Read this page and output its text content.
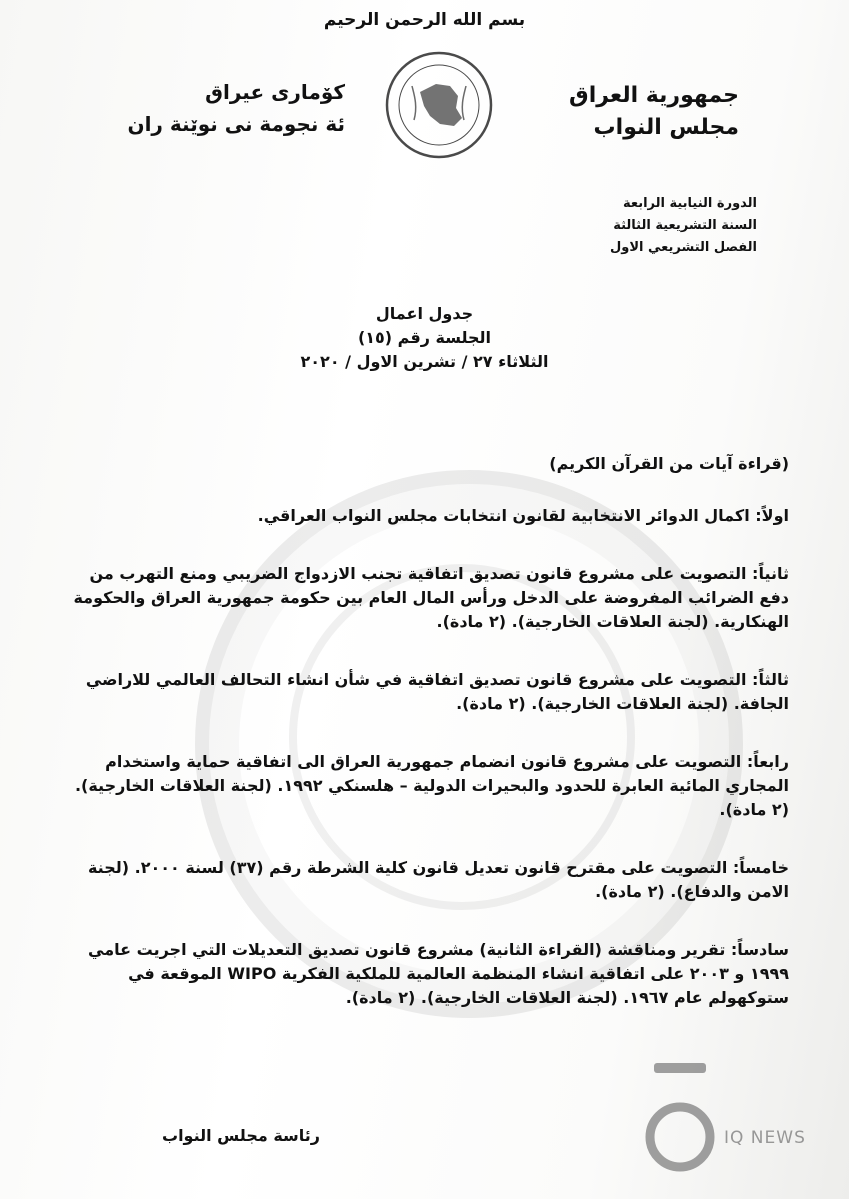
بسم الله الرحمن الرحيم
جمهورية العراق
مجلس النواب
كۆمارى عيراق
ئة نجومة نى نوێنة ران
الدورة النيابية الرابعة
السنة التشريعية الثالثة
الفصل التشريعي الاول
جدول اعمال
الجلسة رقم (١٥)
الثلاثاء ٢٧ / تشرين الاول / ٢٠٢٠

(قراءة آيات من القرآن الكريم)

اولاً: اكمال الدوائر الانتخابية لقانون انتخابات مجلس النواب العراقي.

ثانياً: التصويت على مشروع قانون تصديق اتفاقية تجنب الازدواج الضريبي ومنع التهرب من دفع الضرائب المفروضة على الدخل ورأس المال العام بين حكومة جمهورية العراق والحكومة الهنكارية. (لجنة العلاقات الخارجية). (٢ مادة).

ثالثاً: التصويت على مشروع قانون تصديق اتفاقية في شأن انشاء التحالف العالمي للاراضي الجافة. (لجنة العلاقات الخارجية). (٢ مادة).

رابعاً: التصويت على مشروع قانون انضمام جمهورية العراق الى اتفاقية حماية واستخدام المجاري المائية العابرة للحدود والبحيرات الدولية – هلسنكي ١٩٩٢. (لجنة العلاقات الخارجية). (٢ مادة).

خامساً: التصويت على مقترح قانون تعديل قانون كلية الشرطة رقم (٣٧) لسنة ٢٠٠٠. (لجنة الامن والدفاع). (٢ مادة).

سادساً: تقرير ومناقشة (القراءة الثانية) مشروع قانون تصديق التعديلات التي اجريت عامي ١٩٩٩ و ٢٠٠٣ على اتفاقية انشاء المنظمة العالمية للملكية الفكرية WIPO الموقعة في ستوكهولم عام ١٩٦٧. (لجنة العلاقات الخارجية). (٢ مادة).

رئاسة مجلس النواب	IQ NEWS
